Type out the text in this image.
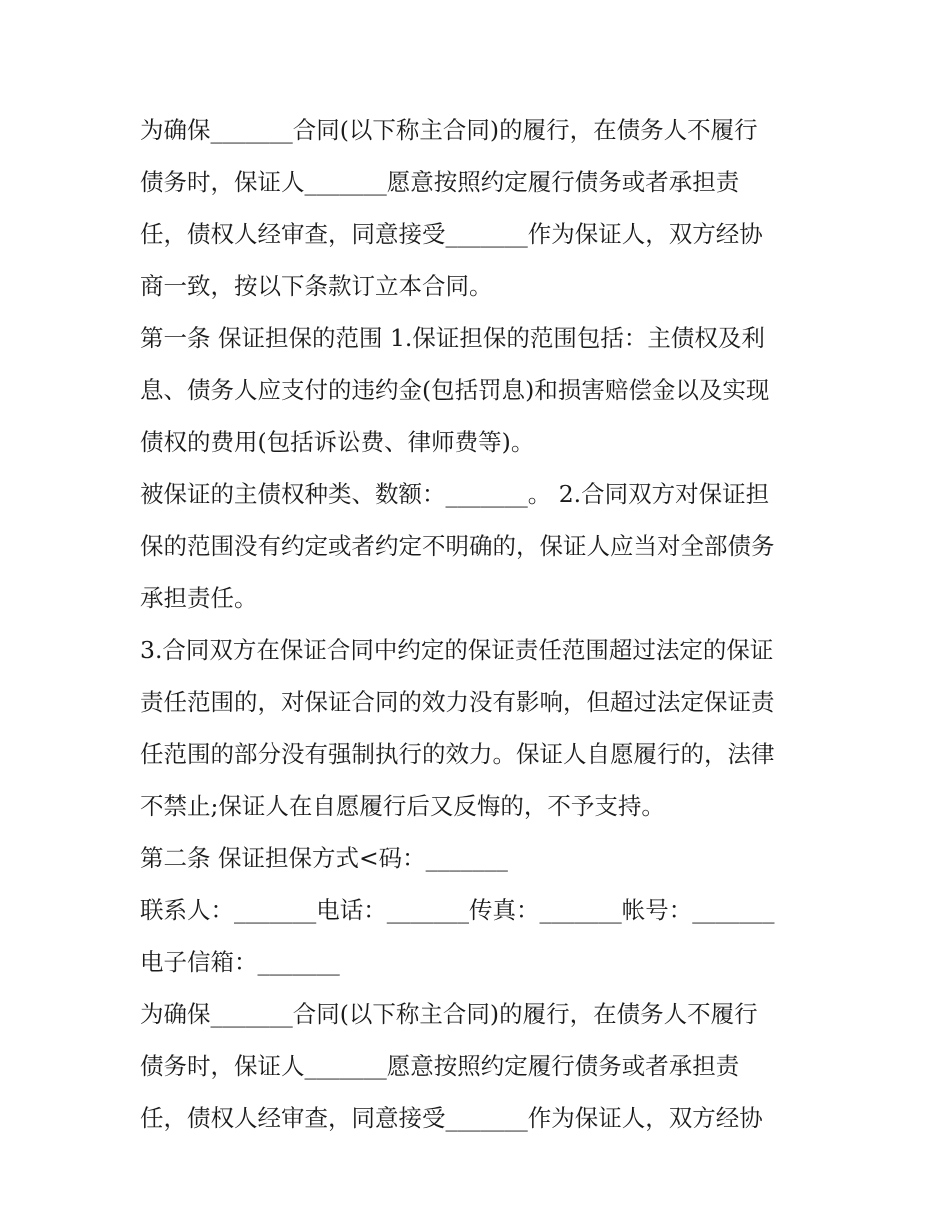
为确保_______合同(以下称主合同)的履行，在债务人不履行
债务时，保证人_______愿意按照约定履行债务或者承担责
任，债权人经审查，同意接受_______作为保证人，双方经协
商一致，按以下条款订立本合同。
第一条 保证担保的范围 1.保证担保的范围包括：主债权及利
息、债务人应支付的违约金(包括罚息)和损害赔偿金以及实现
债权的费用(包括诉讼费、律师费等)。
被保证的主债权种类、数额：_______。 2.合同双方对保证担
保的范围没有约定或者约定不明确的，保证人应当对全部债务
承担责任。
3.合同双方在保证合同中约定的保证责任范围超过法定的保证
责任范围的，对保证合同的效力没有影响，但超过法定保证责
任范围的部分没有强制执行的效力。保证人自愿履行的，法律
不禁止;保证人在自愿履行后又反悔的，不予支持。
第二条 保证担保方式<码：_______
联系人：_______电话：_______传真：_______帐号：_______
电子信箱：_______
为确保_______合同(以下称主合同)的履行，在债务人不履行
债务时，保证人_______愿意按照约定履行债务或者承担责
任，债权人经审查，同意接受_______作为保证人，双方经协
